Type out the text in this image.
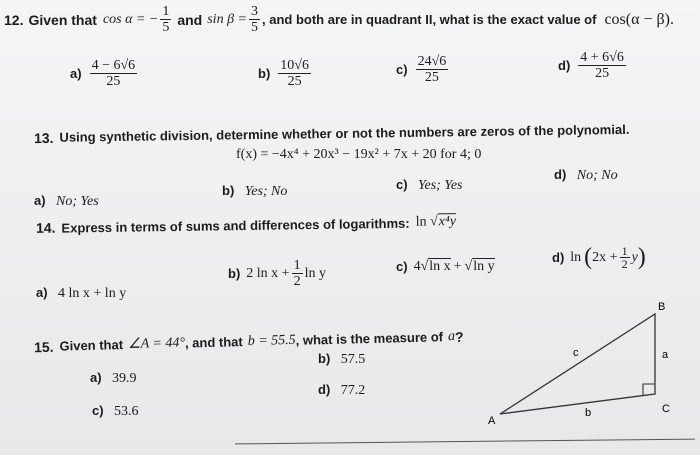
12. Given that cos α = − $\frac{1}{5}$ and $\sin \beta = \frac{3}{5}$ , and both are in quadrant II, what is the exact value of cos(α − β).
$a) \frac{4 - 6√6}{25}$	$b) \frac{10√6}{25}$	$c) \frac{24√6}{25}$	$d) \frac{4 + 6√6}{25}$
13. Using synthetic division, determine whether or not the numbers are zeros of the polynomial.
f(x) = −4x⁴ + 20x³ − 19x² + 7x + 20 for 4; 0
a) No; Yes
b) Yes; No	c) Yes; Yes
d) No; No
14. Express in terms of sums and differences of logarithms: ln √x⁴y
a) 4 ln x + ln y
b) 2 $\ln x + \frac{1}{2}$ ln y	c) 4 √ ln x + √ ln y
d) ln ( $2x + \frac{1}{2}$ y )
15. Given that ∠A = 44° , and that b = 55.5 , what is the measure of a ?
a) 39.9
b) 57.5
c) 53.6
d) 77.2
B
c	a
A
b	C
